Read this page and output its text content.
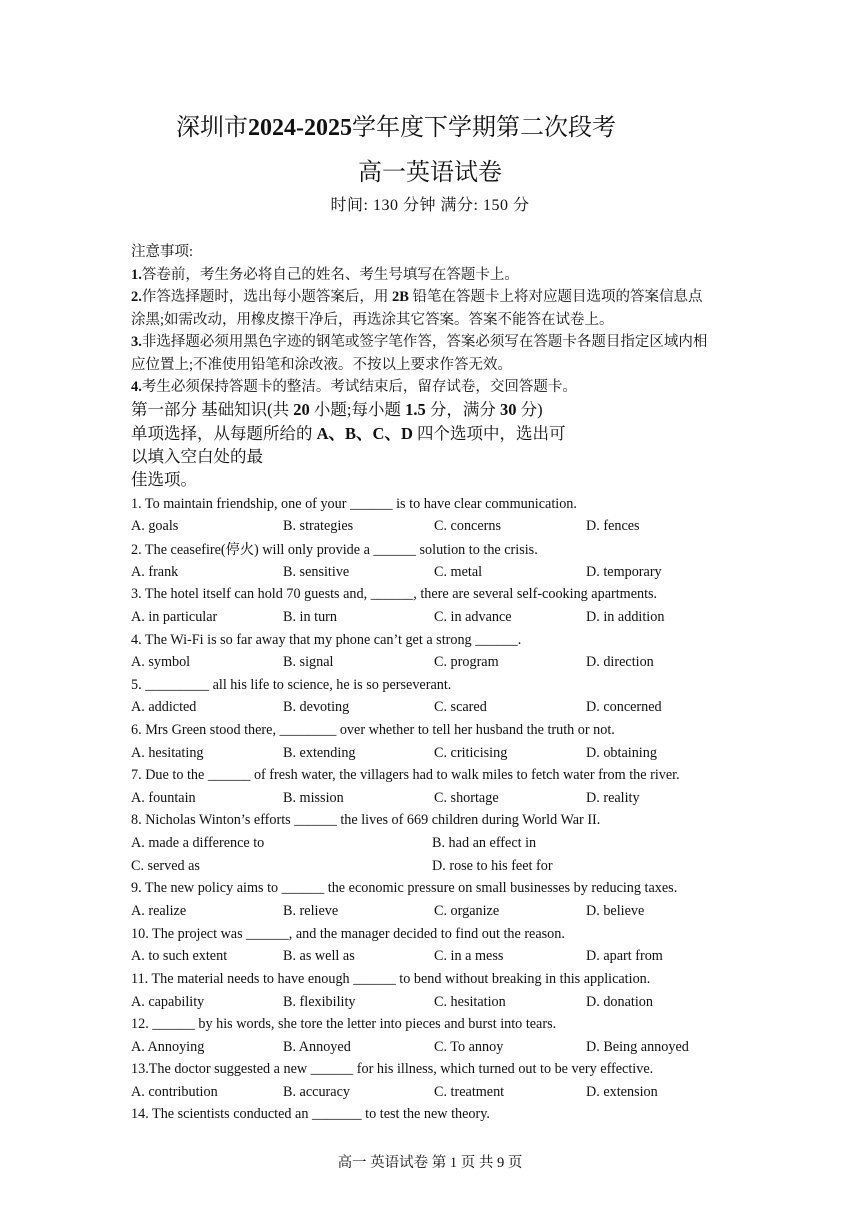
深圳市2024-2025学年度下学期第二次段考
高一英语试卷
时间: 130 分钟 满分: 150 分
注意事项:
1.答卷前，考生务必将自己的姓名、考生号填写在答题卡上。
2.作答选择题时，选出每小题答案后，用 2B 铅笔在答题卡上将对应题目选项的答案信息点
涂黑;如需改动，用橡皮擦干净后，再选涂其它答案。答案不能答在试卷上。
3.非选择题必须用黑色字迹的钢笔或签字笔作答，答案必须写在答题卡各题目指定区域内相
应位置上;不准使用铅笔和涂改液。不按以上要求作答无效。
4.考生必须保持答题卡的整洁。考试结束后，留存试卷，交回答题卡。
第一部分 基础知识(共 20 小题;每小题 1.5 分，满分 30 分)
单项选择，从每题所给的 A、B、C、D 四个选项中，选出可
以填入空白处的最
佳选项。
1. To maintain friendship, one of your ______ is to have clear communication.
A. goals	B. strategies	C. concerns	D. fences
2. The ceasefire(停火) will only provide a ______ solution to the crisis.
A. frank	B. sensitive	C. metal	D. temporary
3. The hotel itself can hold 70 guests and, ______, there are several self-cooking apartments.
A. in particular	B. in turn	C. in advance	D. in addition
4. The Wi-Fi is so far away that my phone can’t get a strong ______.
A. symbol	B. signal	C. program	D. direction
5. _________ all his life to science, he is so perseverant.
A. addicted	B. devoting	C. scared	D. concerned
6. Mrs Green stood there, ________ over whether to tell her husband the truth or not.
A. hesitating	B. extending	C. criticising	D. obtaining
7. Due to the ______ of fresh water, the villagers had to walk miles to fetch water from the river.
A. fountain	B. mission	C. shortage	D. reality
8. Nicholas Winton’s efforts ______ the lives of 669 children during World War II.
A. made a difference to	B. had an effect in
C. served as	D. rose to his feet for
9. The new policy aims to ______ the economic pressure on small businesses by reducing taxes.
A. realize	B. relieve	C. organize	D. believe
10. The project was ______, and the manager decided to find out the reason.
A. to such extent	B. as well as	C. in a mess	D. apart from
11. The material needs to have enough ______ to bend without breaking in this application.
A. capability	B. flexibility	C. hesitation	D. donation
12. ______ by his words, she tore the letter into pieces and burst into tears.
A. Annoying	B. Annoyed	C. To annoy	D. Being annoyed
13.The doctor suggested a new ______ for his illness, which turned out to be very effective.
A. contribution	B. accuracy	C. treatment	D. extension
14. The scientists conducted an _______ to test the new theory.
高一 英语试卷 第 1 页 共 9 页
